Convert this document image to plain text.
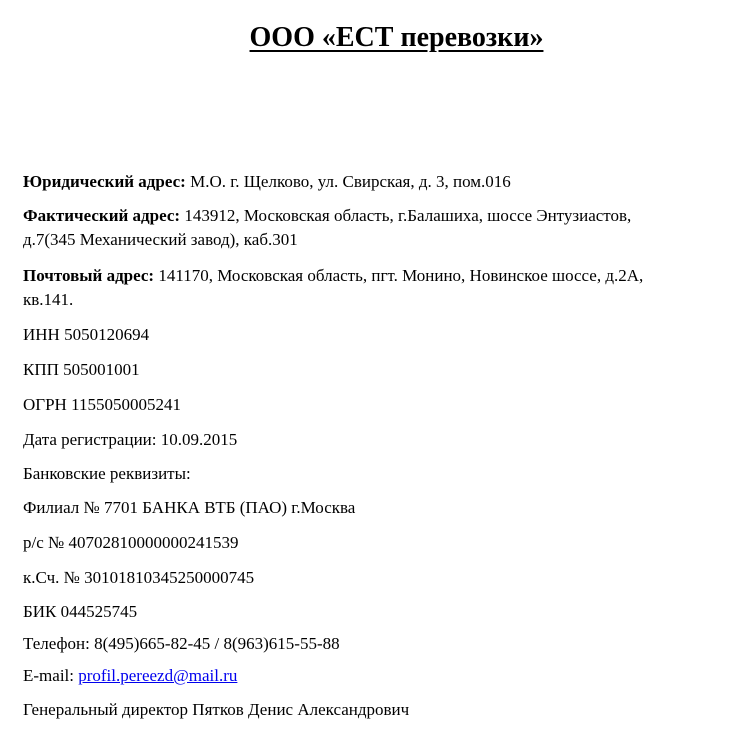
ООО «ЕСТ перевозки»

Юридический адрес: М.О. г. Щелково, ул. Свирская, д. 3, пом.016

Фактический адрес: 143912, Московская область, г.Балашиха, шоссе Энтузиастов,

д.7(345 Механический завод), каб.301

Почтовый адрес: 141170, Московская область, пгт. Монино, Новинское шоссе, д.2А,

кв.141.

ИНН 5050120694

КПП 505001001

ОГРН 1155050005241

Дата регистрации: 10.09.2015

Банковские реквизиты:

Филиал № 7701 БАНКА ВТБ (ПАО) г.Москва

р/с № 40702810000000241539

к.Сч. № 30101810345250000745

БИК 044525745

Телефон: 8(495)665-82-45 / 8(963)615-55-88

E-mail: profil.pereezd@mail.ru

Генеральный директор Пятков Денис Александрович
